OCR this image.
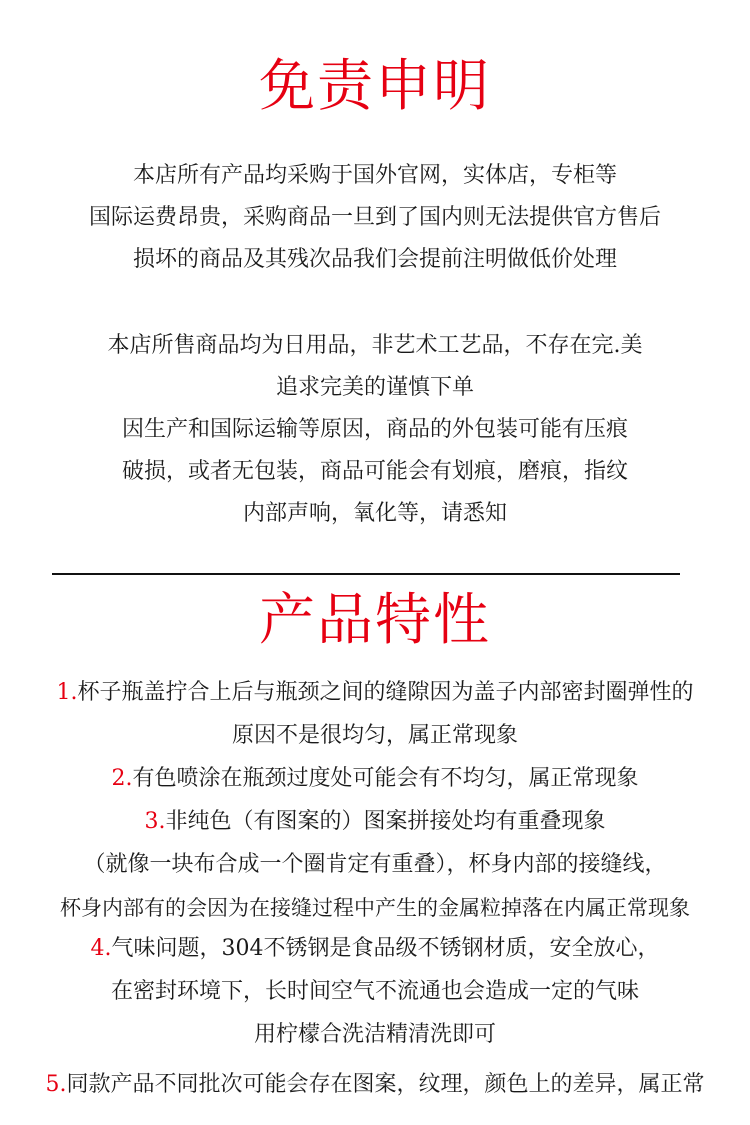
免责申明
本店所有产品均采购于国外官网，实体店，专柜等
国际运费昂贵，采购商品一旦到了国内则无法提供官方售后
损坏的商品及其残次品我们会提前注明做低价处理
本店所售商品均为日用品，非艺术工艺品，不存在完.美
追求完美的谨慎下单
因生产和国际运输等原因，商品的外包装可能有压痕
破损，或者无包装，商品可能会有划痕，磨痕，指纹
内部声响，氧化等，请悉知
产品特性
1.杯子瓶盖拧合上后与瓶颈之间的缝隙因为盖子内部密封圈弹性的
原因不是很均匀，属正常现象
2.有色喷涂在瓶颈过度处可能会有不均匀，属正常现象
3.非纯色（有图案的）图案拼接处均有重叠现象
（就像一块布合成一个圈肯定有重叠），杯身内部的接缝线，
杯身内部有的会因为在接缝过程中产生的金属粒掉落在内属正常现象
4.气味问题，304不锈钢是食品级不锈钢材质，安全放心，
在密封环境下，长时间空气不流通也会造成一定的气味
用柠檬合洗洁精清洗即可
5.同款产品不同批次可能会存在图案，纹理，颜色上的差异，属正常
